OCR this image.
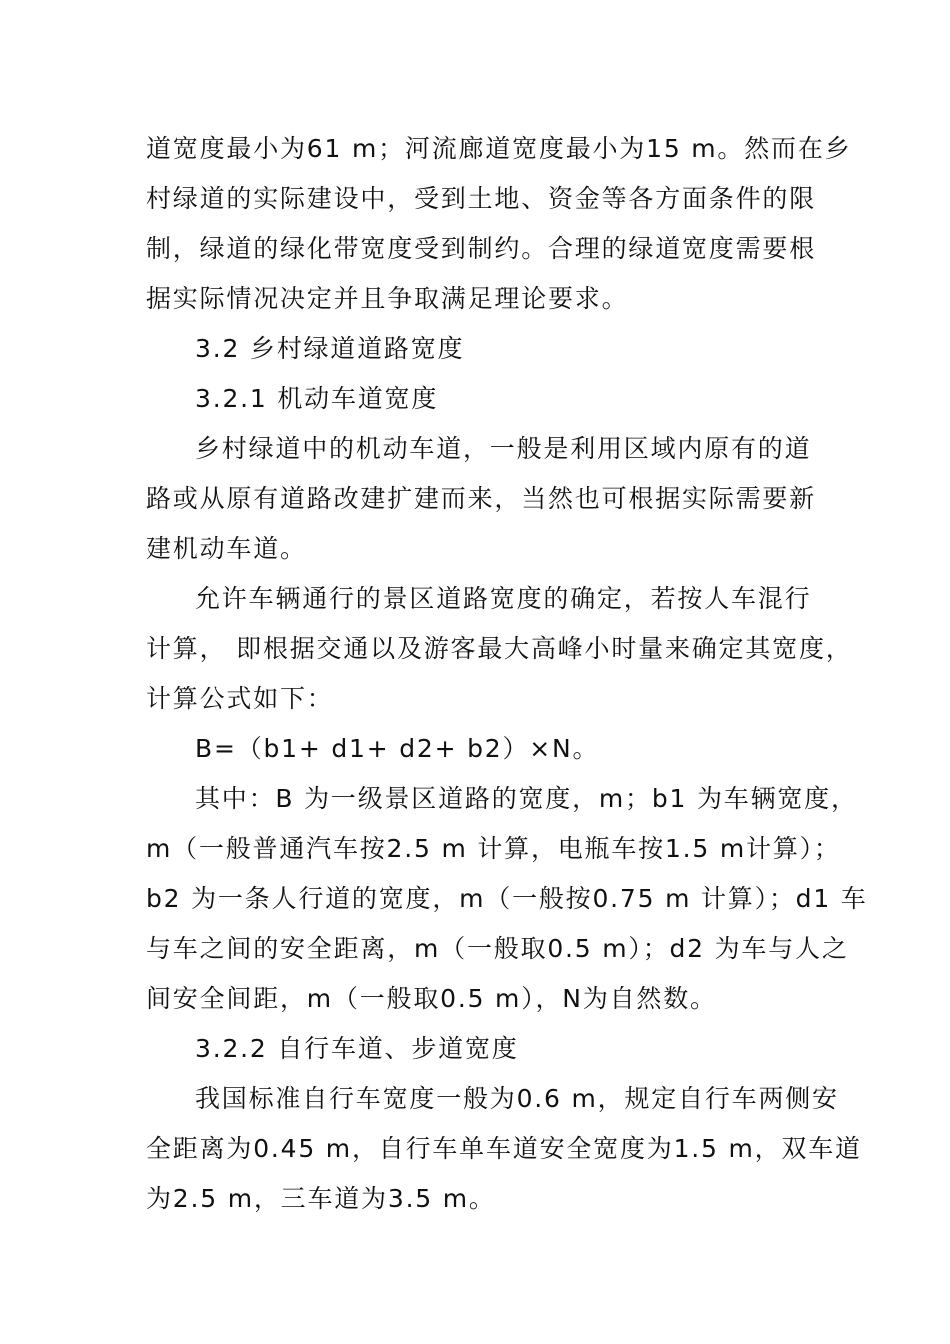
道宽度最小为61 m；河流廊道宽度最小为15 m。然而在乡
村绿道的实际建设中，受到土地、资金等各方面条件的限
制，绿道的绿化带宽度受到制约。合理的绿道宽度需要根
据实际情况决定并且争取满足理论要求。
3.2 乡村绿道道路宽度
3.2.1 机动车道宽度
乡村绿道中的机动车道，一般是利用区域内原有的道
路或从原有道路改建扩建而来，当然也可根据实际需要新
建机动车道。
允许车辆通行的景区道路宽度的确定，若按人车混行
计算， 即根据交通以及游客最大高峰小时量来确定其宽度，
计算公式如下：
B=（b1+ d1+ d2+ b2）×N。
其中：B 为一级景区道路的宽度，m；b1 为车辆宽度，
m（一般普通汽车按2.5 m 计算，电瓶车按1.5 m计算）；
b2 为一条人行道的宽度，m（一般按0.75 m 计算）；d1 车
与车之间的安全距离，m（一般取0.5 m）；d2 为车与人之
间安全间距，m（一般取0.5 m），N为自然数。
3.2.2 自行车道、步道宽度
我国标准自行车宽度一般为0.6 m，规定自行车两侧安
全距离为0.45 m，自行车单车道安全宽度为1.5 m，双车道
为2.5 m，三车道为3.5 m。
